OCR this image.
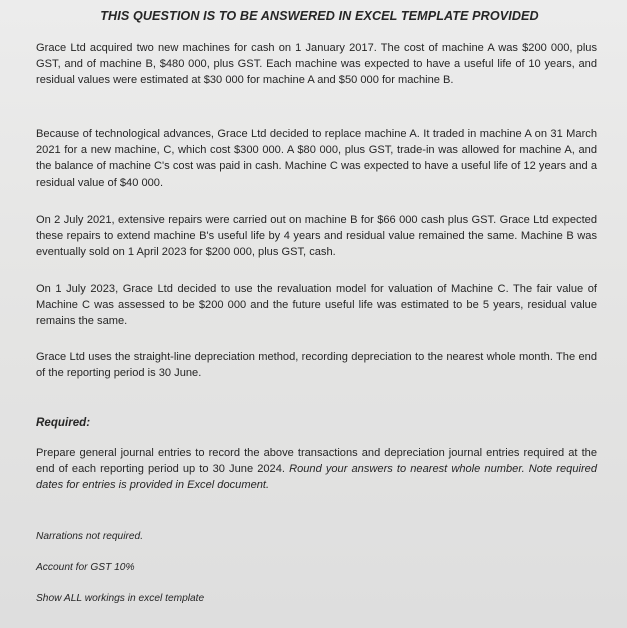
THIS QUESTION IS TO BE ANSWERED IN EXCEL TEMPLATE PROVIDED

Grace Ltd acquired two new machines for cash on 1 January 2017. The cost of machine A was $200 000, plus GST, and of machine B, $480 000, plus GST. Each machine was expected to have a useful life of 10 years, and residual values were estimated at $30 000 for machine A and $50 000 for machine B.

Because of technological advances, Grace Ltd decided to replace machine A. It traded in machine A on 31 March 2021 for a new machine, C, which cost $300 000. A $80 000, plus GST, trade-in was allowed for machine A, and the balance of machine C's cost was paid in cash. Machine C was expected to have a useful life of 12 years and a residual value of $40 000.

On 2 July 2021, extensive repairs were carried out on machine B for $66 000 cash plus GST. Grace Ltd expected these repairs to extend machine B's useful life by 4 years and residual value remained the same. Machine B was eventually sold on 1 April 2023 for $200 000, plus GST, cash.

On 1 July 2023, Grace Ltd decided to use the revaluation model for valuation of Machine C. The fair value of Machine C was assessed to be $200 000 and the future useful life was estimated to be 5 years, residual value remains the same.

Grace Ltd uses the straight-line depreciation method, recording depreciation to the nearest whole month. The end of the reporting period is 30 June.

Required:

Prepare general journal entries to record the above transactions and depreciation journal entries required at the end of each reporting period up to 30 June 2024. Round your answers to nearest whole number. Note required dates for entries is provided in Excel document.

Narrations not required.

Account for GST 10%

Show ALL workings in excel template
